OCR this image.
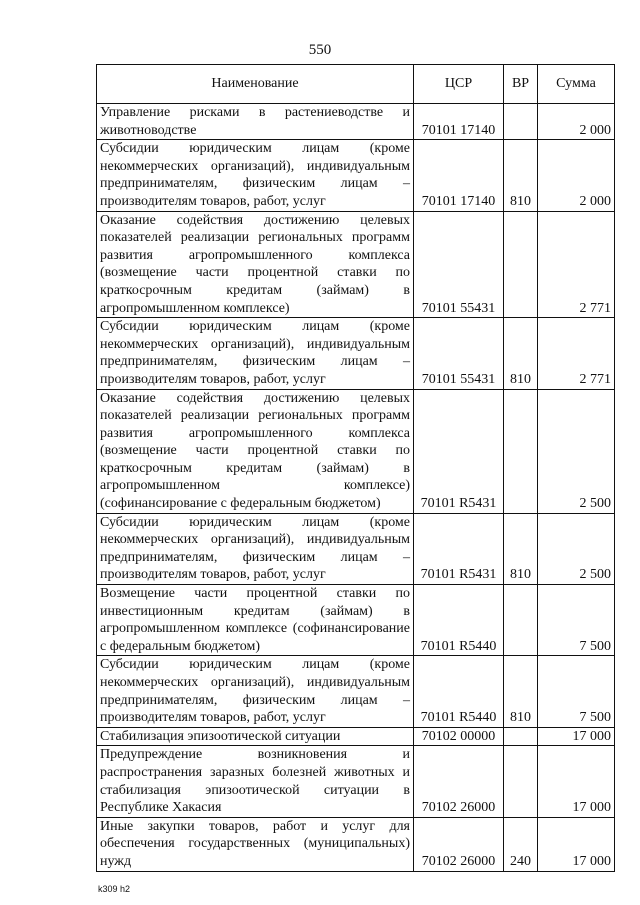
550
Наименование	ЦСР	ВР	Сумма
Управление рисками в растениеводстве и животноводстве	70101 17140		2 000
Субсидии юридическим лицам (кроме некоммерческих организаций), индивидуальным предпринимателям, физическим лицам – производителям товаров, работ, услуг	70101 17140	810	2 000
Оказание содействия достижению целевых показателей реализации региональных программ развития агропромышленного комплекса (возмещение части процентной ставки по краткосрочным кредитам (займам) в агропромышленном комплексе)	70101 55431		2 771
Субсидии юридическим лицам (кроме некоммерческих организаций), индивидуальным предпринимателям, физическим лицам – производителям товаров, работ, услуг	70101 55431	810	2 771
Оказание содействия достижению целевых показателей реализации региональных программ развития агропромышленного комплекса (возмещение части процентной ставки по краткосрочным кредитам (займам) в агропромышленном комплексе) (софинансирование с федеральным бюджетом)	70101 R5431		2 500
Субсидии юридическим лицам (кроме некоммерческих организаций), индивидуальным предпринимателям, физическим лицам – производителям товаров, работ, услуг	70101 R5431	810	2 500
Возмещение части процентной ставки по инвестиционным кредитам (займам) в агропромышленном комплексе (софинансирование с федеральным бюджетом)	70101 R5440		7 500
Субсидии юридическим лицам (кроме некоммерческих организаций), индивидуальным предпринимателям, физическим лицам – производителям товаров, работ, услуг	70101 R5440	810	7 500
Стабилизация эпизоотической ситуации	70102 00000		17 000
Предупреждение возникновения и распространения заразных болезней животных и стабилизация эпизоотической ситуации в Республике Хакасия	70102 26000		17 000
Иные закупки товаров, работ и услуг для обеспечения государственных (муниципальных) нужд	70102 26000	240	17 000
k309 h2
